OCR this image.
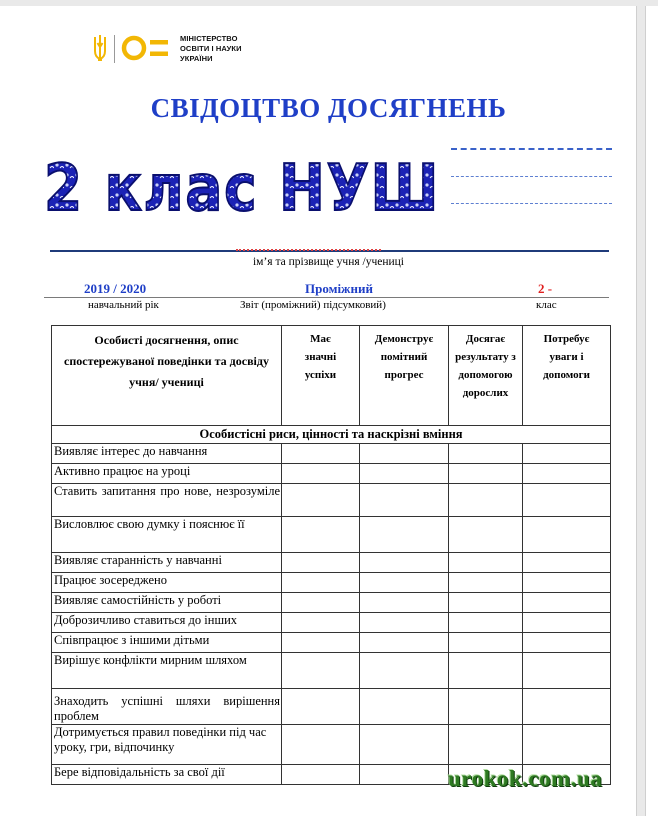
МІНІСТЕРСТВО
ОСВІТИ І НАУКИ
УКРАЇНИ
СВІДОЦТВО ДОСЯГНЕНЬ
2 клас НУШ
ім’я та прізвище учня /учениці
2019 / 2020	Проміжний	2 -
навчальний рік	Звіт (проміжний) підсумковий)	клас
Особисті досягнення, опис спостережуваної поведінки та досвіду учня/ учениці	Має значні успіхи	Демонструє помітний прогрес	Досягає результату з допомогою дорослих	Потребує уваги і допомоги
Особистісні риси, цінності та наскрізні вміння				
Виявляє інтерес до навчання				
Активно працює на уроці				
Ставить запитання про нове, незрозуміле				
Висловлює свою думку і пояснює її				
Виявляє старанність у навчанні				
Працює зосереджено				
Виявляє самостійність у роботі				
Доброзичливо ставиться до інших				
Співпрацює з іншими дітьми				
Вирішує конфлікти мирним шляхом				
Знаходить успішні шляхи вирішення проблем				
Дотримується правил поведінки під час уроку, гри, відпочинку				
Бере відповідальність за свої дії					urokok.com.ua
